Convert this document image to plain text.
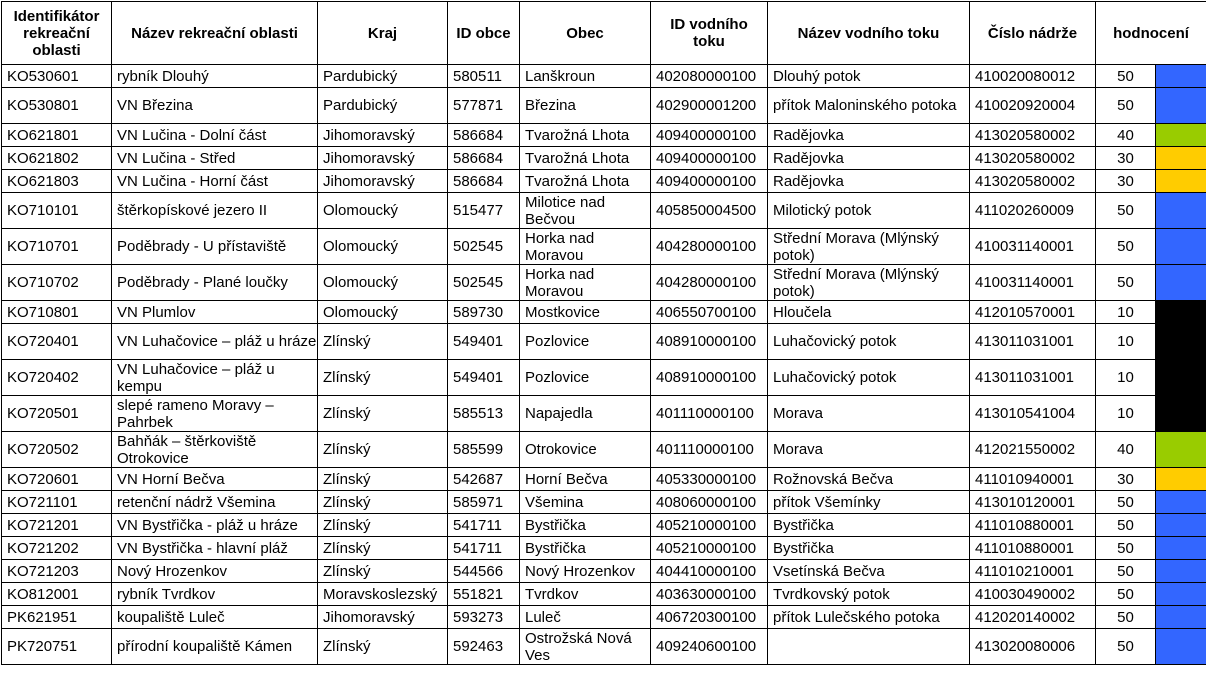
Identifikátor rekreační oblasti	Název rekreační oblasti	Kraj	ID obce	Obec	ID vodního toku	Název vodního toku	Číslo nádrže	hodnocení	
KO530601	rybník Dlouhý	Pardubický	580511	Lanškroun	402080000100	Dlouhý potok	410020080012	50	
KO530801	VN Březina	Pardubický	577871	Březina	402900001200	přítok Maloninského potoka	410020920004	50	
KO621801	VN Lučina - Dolní část	Jihomoravský	586684	Tvarožná Lhota	409400000100	Radějovka	413020580002	40	
KO621802	VN Lučina - Střed	Jihomoravský	586684	Tvarožná Lhota	409400000100	Radějovka	413020580002	30	
KO621803	VN Lučina - Horní část	Jihomoravský	586684	Tvarožná Lhota	409400000100	Radějovka	413020580002	30	
KO710101	štěrkopískové jezero II	Olomoucký	515477	Milotice nad Bečvou	405850004500	Milotický potok	411020260009	50	
KO710701	Poděbrady - U přístaviště	Olomoucký	502545	Horka nad Moravou	404280000100	Střední Morava (Mlýnský potok)	410031140001	50	
KO710702	Poděbrady - Plané loučky	Olomoucký	502545	Horka nad Moravou	404280000100	Střední Morava (Mlýnský potok)	410031140001	50	
KO710801	VN Plumlov	Olomoucký	589730	Mostkovice	406550700100	Hloučela	412010570001	10	
KO720401	VN Luhačovice – pláž u hráze	Zlínský	549401	Pozlovice	408910000100	Luhačovický potok	413011031001	10	
KO720402	VN Luhačovice – pláž u kempu	Zlínský	549401	Pozlovice	408910000100	Luhačovický potok	413011031001	10	
KO720501	slepé rameno Moravy – Pahrbek	Zlínský	585513	Napajedla	401110000100	Morava	413010541004	10	
KO720502	Bahňák – štěrkoviště Otrokovice	Zlínský	585599	Otrokovice	401110000100	Morava	412021550002	40	
KO720601	VN Horní Bečva	Zlínský	542687	Horní Bečva	405330000100	Rožnovská Bečva	411010940001	30	
KO721101	retenční nádrž Všemina	Zlínský	585971	Všemina	408060000100	přítok Všemínky	413010120001	50	
KO721201	VN Bystřička - pláž u hráze	Zlínský	541711	Bystřička	405210000100	Bystřička	411010880001	50	
KO721202	VN Bystřička - hlavní pláž	Zlínský	541711	Bystřička	405210000100	Bystřička	411010880001	50	
KO721203	Nový Hrozenkov	Zlínský	544566	Nový Hrozenkov	404410000100	Vsetínská Bečva	411010210001	50	
KO812001	rybník Tvrdkov	Moravskoslezský	551821	Tvrdkov	403630000100	Tvrdkovský potok	410030490002	50	
PK621951	koupaliště Luleč	Jihomoravský	593273	Luleč	406720300100	přítok Lulečského potoka	412020140002	50	
PK720751	přírodní koupaliště Kámen	Zlínský	592463	Ostrožská Nová Ves	409240600100		413020080006	50	
